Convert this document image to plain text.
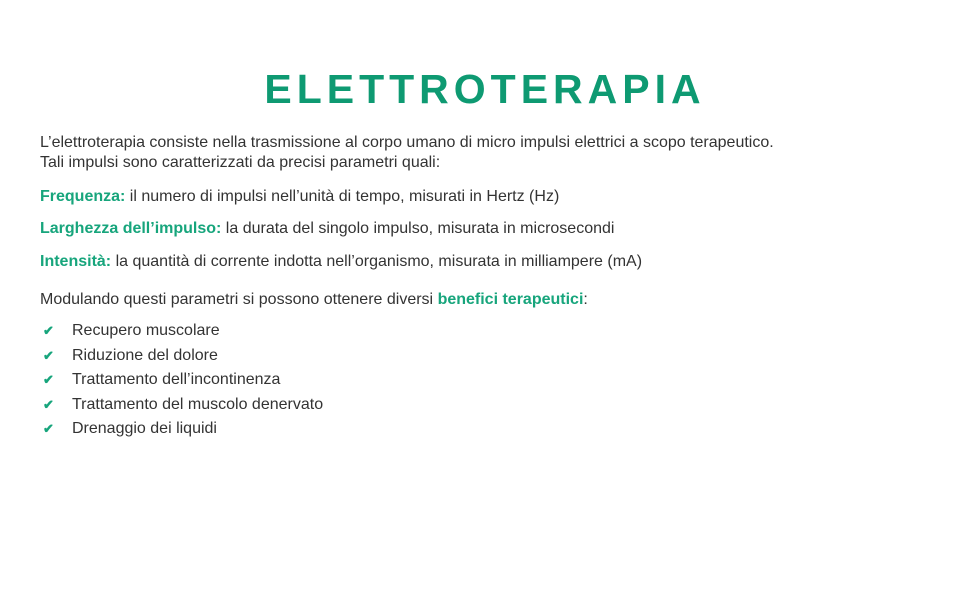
ELETTROTERAPIA
L’elettroterapia consiste nella trasmissione al corpo umano di micro impulsi elettrici a scopo terapeutico.
Tali impulsi sono caratterizzati da precisi parametri quali:
Frequenza: il numero di impulsi nell’unità di tempo, misurati in Hertz (Hz)
Larghezza dell’impulso: la durata del singolo impulso, misurata in microsecondi
Intensità: la quantità di corrente indotta nell’organismo, misurata in milliampere (mA)
Modulando questi parametri si possono ottenere diversi benefici terapeutici:
✔	Recupero muscolare
✔	Riduzione del dolore
✔	Trattamento dell’incontinenza
✔	Trattamento del muscolo denervato
✔	Drenaggio dei liquidi
